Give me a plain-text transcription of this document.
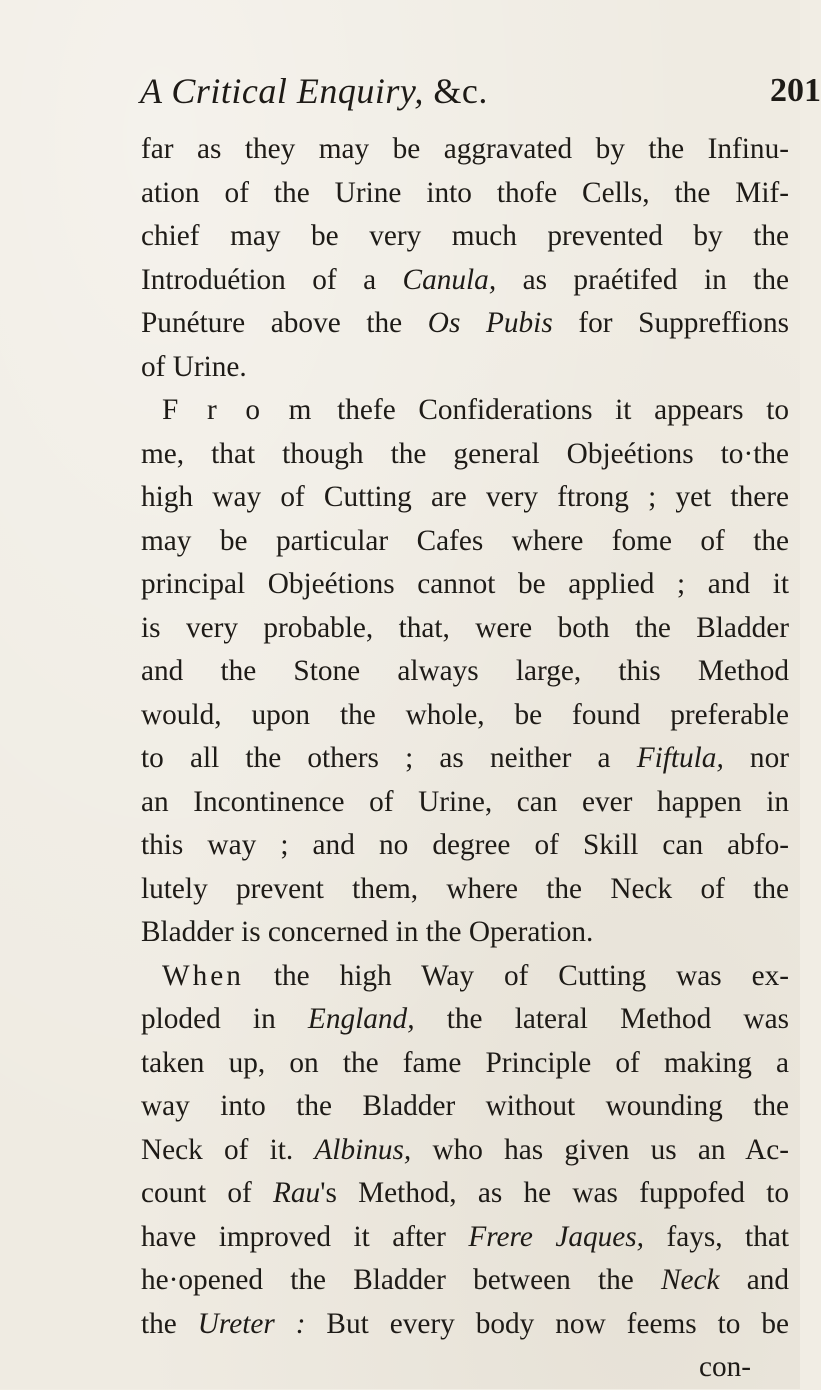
A Critical Enquiry, &c.	201
far as they may be aggravated by the Infinu-
ation of the Urine into thofe Cells, the Mif-
chief may be very much prevented by the
Introduétion of a Canula, as praétifed in the
Punéture above the Os Pubis for Suppreffions
of Urine.
F r o m thefe Confiderations it appears to
me, that though the general Objeétions to·the
high way of Cutting are very ftrong ; yet there
may be particular Cafes where fome of the
principal Objeétions cannot be applied ; and it
is very probable, that, were both the Bladder
and the Stone always large, this Method
would, upon the whole, be found preferable
to all the others ; as neither a Fiftula, nor
an Incontinence of Urine, can ever happen in
this way ; and no degree of Skill can abfo-
lutely prevent them, where the Neck of the
Bladder is concerned in the Operation.
When the high Way of Cutting was ex-
ploded in England, the lateral Method was
taken up, on the fame Principle of making a
way into the Bladder without wounding the
Neck of it. Albinus, who has given us an Ac-
count of Rau's Method, as he was fuppofed to
have improved it after Frere Jaques, fays, that
he·opened the Bladder between the Neck and
the Ureter : But every body now feems to be
con-
